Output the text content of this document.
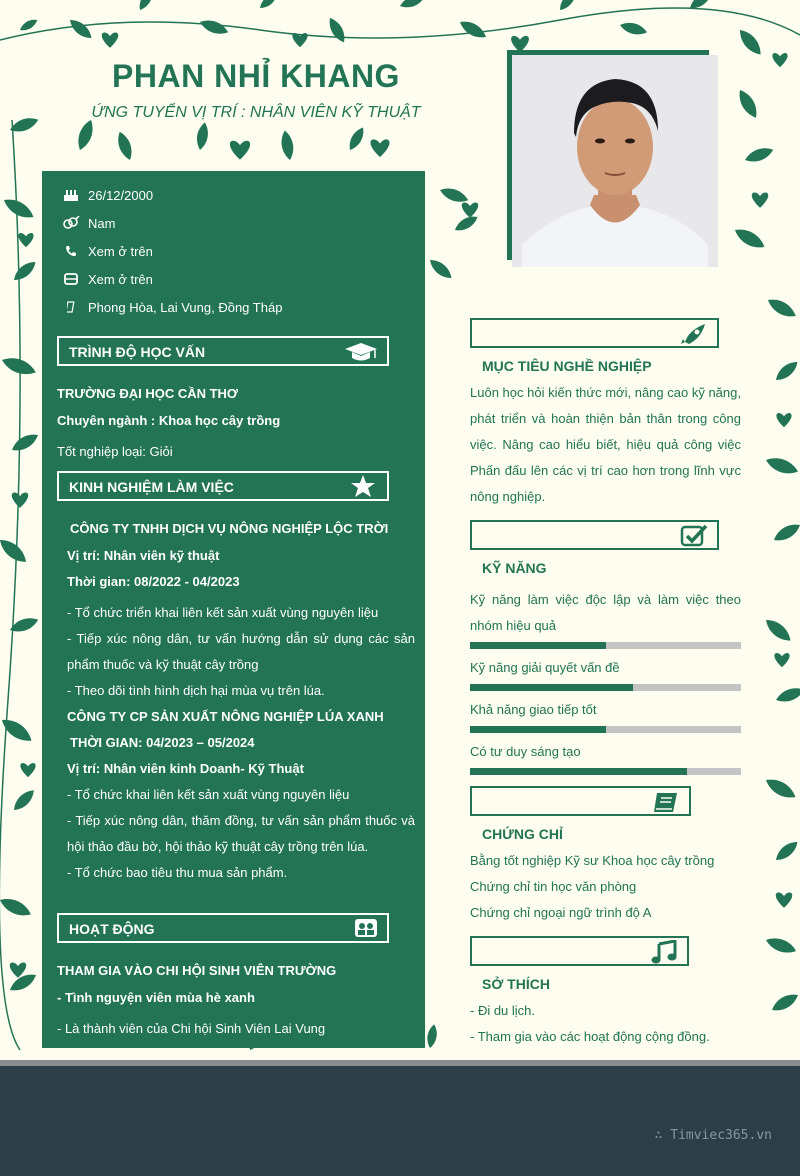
PHAN NHỈ KHANG
ỨNG TUYỂN VỊ TRÍ : NHÂN VIÊN KỸ THUẬT
26/12/2000
Nam
Xem ở trên
Xem ở trên
Phong Hòa, Lai Vung, Đồng Tháp
TRÌNH ĐỘ HỌC VẤN
TRƯỜNG ĐẠI HỌC CẦN THƠ
Chuyên ngành : Khoa học cây trồng
Tốt nghiệp loại: Giỏi
KINH NGHIỆM LÀM VIỆC
CÔNG TY TNHH DỊCH VỤ NÔNG NGHIỆP LỘC TRỜI
Vị trí: Nhân viên kỹ thuật
Thời gian: 08/2022 - 04/2023
- Tổ chức triển khai liên kết sản xuất vùng nguyên liệu
- Tiếp xúc nông dân, tư vấn hướng dẫn sử dụng các sản phẩm thuốc và kỹ thuật cây trồng
- Theo dõi tình hình dịch hại mùa vụ trên lúa.
CÔNG TY CP SẢN XUẤT NÔNG NGHIỆP LÚA XANH
THỜI GIAN: 04/2023 – 05/2024
Vị trí: Nhân viên kinh Doanh- Kỹ Thuật
- Tổ chức khai liên kết sản xuất vùng nguyên liệu
- Tiếp xúc nông dân, thăm đồng, tư vấn sản phẩm thuốc và hội thảo đầu bờ, hội thảo kỹ thuật cây trồng trên lúa.
- Tổ chức bao tiêu thu mua sản phẩm.
HOẠT ĐỘNG
THAM GIA VÀO CHI HỘI SINH VIÊN TRƯỜNG
- Tình nguyện viên mùa hè xanh
- Là thành viên của Chi hội Sinh Viên Lai Vung
MỤC TIÊU NGHỀ NGHIỆP
Luôn học hỏi kiến thức mới, nâng cao kỹ năng, phát triển và hoàn thiện bản thân trong công việc. Nâng cao hiểu biết, hiệu quả công việc Phấn đấu lên các vị trí cao hơn trong lĩnh vực nông nghiệp.
KỸ NĂNG
Kỹ năng làm việc độc lập và làm việc theo nhóm hiệu quả
Kỹ năng giải quyết vấn đề
Khả năng giao tiếp tốt
Có tư duy sáng tạo
CHỨNG CHỈ
Bằng tốt nghiệp Kỹ sư Khoa học cây trồng
Chứng chỉ tin học văn phòng
Chứng chỉ ngoại ngữ trình độ A
SỞ THÍCH
- Đi du lịch.
- Tham gia vào các hoạt động cộng đồng.
∴ Timviec365.vn
